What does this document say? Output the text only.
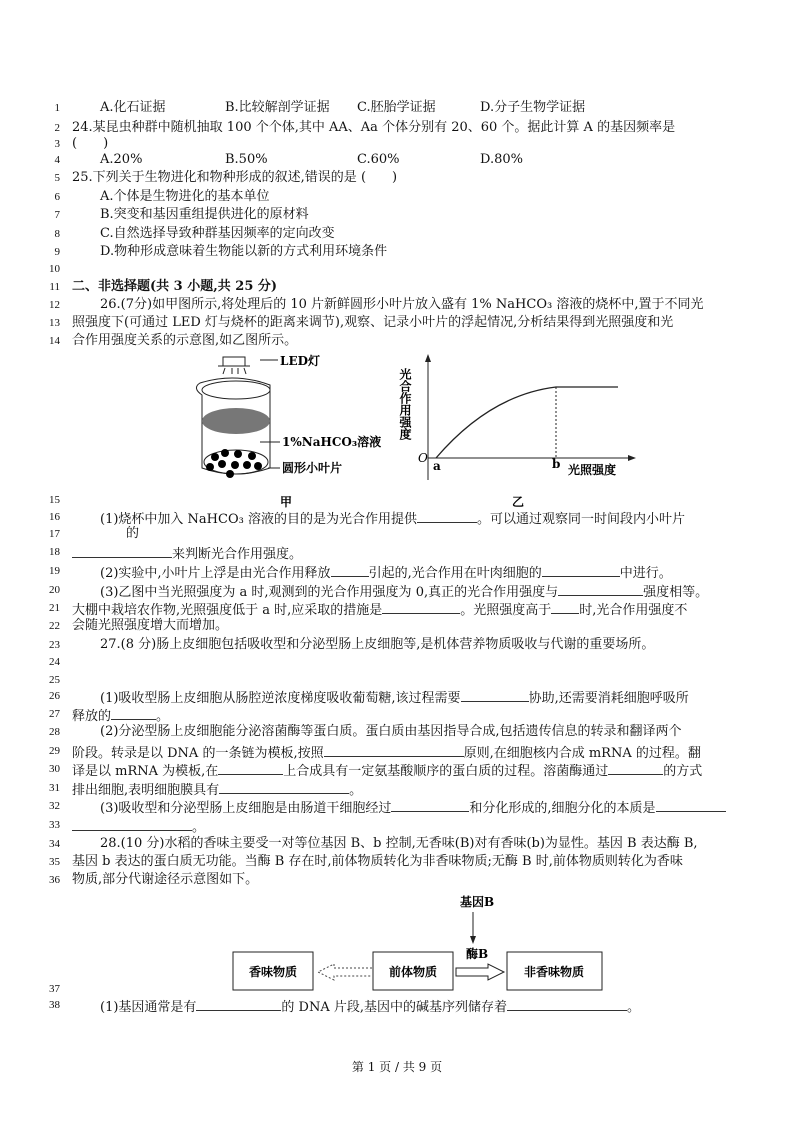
1	A.化石证据	B.比较解剖学证据 C.胚胎学证据	D.分子生物学证据
2 24.某昆虫种群中随机抽取 100 个个体,其中 AA、Aa 个体分别有 20、60 个。据此计算 A 的基因频率是
3 (　　)
4	A.20%	B.50%	C.60%	D.80%
5 25.下列关于生物进化和物种形成的叙述,错误的是 (　　)
6	A.个体是生物进化的基本单位
7	B.突变和基因重组提供进化的原材料
8	C.自然选择导致种群基因频率的定向改变
9	D.物种形成意味着生物能以新的方式利用环境条件
10
11 二、非选择题(共 3 小题,共 25 分)
12	26.(7分)如甲图所示,将处理后的 10 片新鲜圆形小叶片放入盛有 1% NaHCO₃ 溶液的烧杯中,置于不同光
13 照强度下(可通过 LED 灯与烧杯的距离来调节),观察、记录小叶片的浮起情况,分析结果得到光照强度和光
14 合作用强度关系的示意图,如乙图所示。
15
16	(1)烧杯中加入 NaHCO₃ 溶液的目的是为光合作用提供	。可以通过观察同一时间段内小叶片
17	　　的
18	来判断光合作用强度。
19	(2)实验中,小叶片上浮是由光合作用释放	引起的,光合作用在叶肉细胞的	中进行。
20	(3)乙图中当光照强度为 a 时,观测到的光合作用强度为 0,真正的光合作用强度与	强度相等。
21 大棚中栽培农作物,光照强度低于 a 时,应采取的措施是	。光照强度高于 时,光合作用强度不
22 会随光照强度增大而增加。
23	27.(8 分)肠上皮细胞包括吸收型和分泌型肠上皮细胞等,是机体营养物质吸收与代谢的重要场所。
24
25
26	(1)吸收型肠上皮细胞从肠腔逆浓度梯度吸收葡萄糖,该过程需要	协助,还需要消耗细胞呼吸所
27 释放的	。
28	(2)分泌型肠上皮细胞能分泌溶菌酶等蛋白质。蛋白质由基因指导合成,包括遗传信息的转录和翻译两个
29 阶段。转录是以 DNA 的一条链为模板,按照	原则,在细胞核内合成 mRNA 的过程。翻
30 译是以 mRNA 为模板,在	上合成具有一定氨基酸顺序的蛋白质的过程。溶菌酶通过	的方式
31 排出细胞,表明细胞膜具有	。
32	(3)吸收型和分泌型肠上皮细胞是由肠道干细胞经过	和分化形成的,细胞分化的本质是
33	。
34	28.(10 分)水稻的香味主要受一对等位基因 B、b 控制,无香味(B)对有香味(b)为显性。基因 B 表达酶 B,
35 基因 b 表达的蛋白质无功能。当酶 B 存在时,前体物质转化为非香味物质;无酶 B 时,前体物质则转化为香味
36 物质,部分代谢途径示意图如下。
37
38	(1)基因通常是有	的 DNA 片段,基因中的碱基序列储存着	。
LED灯
1%NaHCO₃溶液
圆形小叶片
甲
光合作用强度
O
a	b 光照强度
乙
基因B
酶B
香味物质	前体物质	非香味物质
第 1 页 / 共 9 页
